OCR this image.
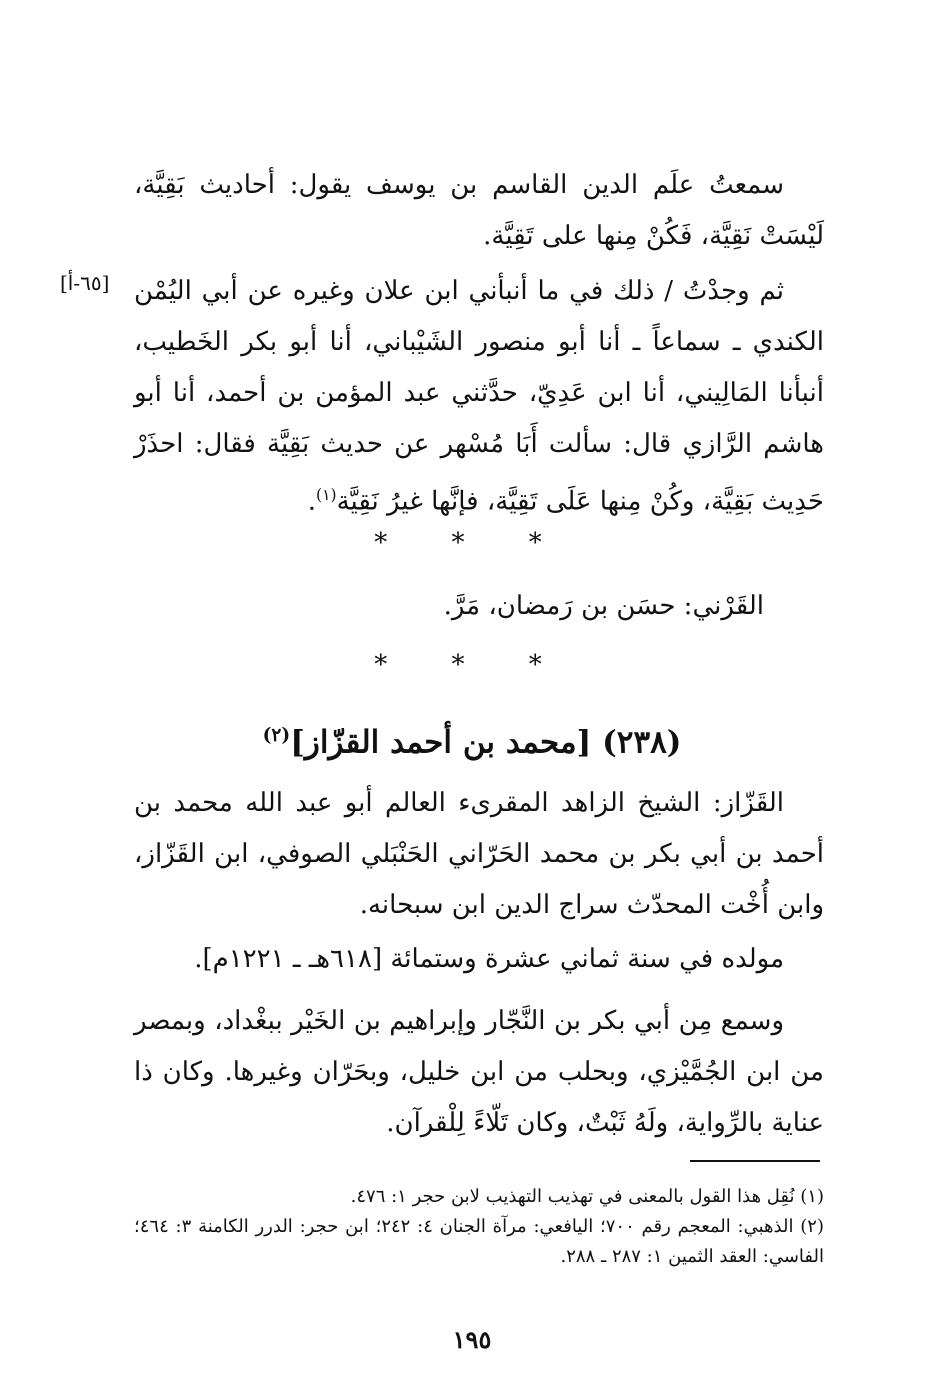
سمعتُ علَم الدين القاسم بن يوسف يقول: أحاديث بَقِيَّة، لَيْسَتْ نَقِيَّة، فَكُنْ مِنها على تَقِيَّة.

[٦٥-أ] ثم وجدْتُ / ذلك في ما أنبأني ابن علان وغيره عن أبي اليُمْن الكندي ـ سماعاً ـ أنا أبو منصور الشَيْباني، أنا أبو بكر الخَطيب، أنبأنا المَالِيني، أنا ابن عَدِيّ، حدَّثني عبد المؤمن بن أحمد، أنا أبو هاشم الرَّازي قال: سألت أَبَا مُسْهر عن حديث بَقِيَّة فقال: احذَرْ حَدِيث بَقِيَّة، وكُنْ مِنها عَلَى تَقِيَّة، فإنَّها غيرُ نَقِيَّة$^{(١)}$.

* * *
القَرْني: حسَن بن رَمضان، مَرَّ.
* * *
(٢٣٨) [محمد بن أحمد القزّاز]$^{(٢)}$

القَزّاز: الشيخ الزاهد المقرىء العالم أبو عبد الله محمد بن أحمد بن أبي بكر بن محمد الحَرّاني الحَنْبَلي الصوفي، ابن القَزّاز، وابن أُخْت المحدّث سراج الدين ابن سبحانه.

مولده في سنة ثماني عشرة وستمائة [٦١٨هـ ـ ١٢٢١م].

وسمع مِن أبي بكر بن النَّجّار وإبراهيم بن الخَيْر ببغْداد، وبمصر من ابن الجُمَّيْزي، وبحلب من ابن خليل، وبحَرّان وغيرها. وكان ذا عناية بالرِّواية، ولَهُ ثَبْتٌ، وكان تَلّاءً لِلْقرآن.

(١) نُقِل هذا القول بالمعنى في تهذيب التهذيب لابن حجر ١: ٤٧٦.

(٢) الذهبي: المعجم رقم ٧٠٠؛ اليافعي: مرآة الجنان ٤: ٢٤٢؛ ابن حجر: الدرر الكامنة ٣: ٤٦٤؛ الفاسي: العقد الثمين ١: ٢٨٧ ـ ٢٨٨.

١٩٥
